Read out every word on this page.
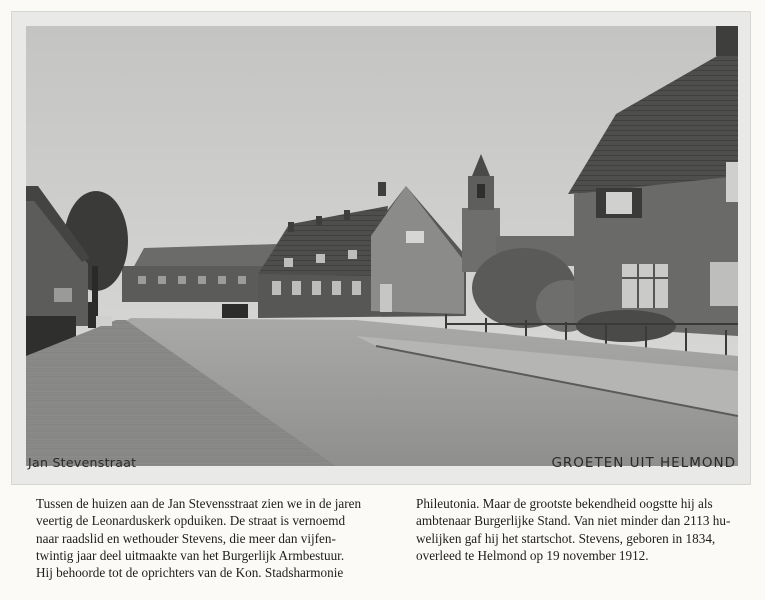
Jan Stevenstraat	GROETEN UIT HELMOND

Tussen de huizen aan de Jan Stevensstraat zien we in de jaren

veertig de Leonarduskerk opduiken. De straat is vernoemd

naar raadslid en wethouder Stevens, die meer dan vijfen-

twintig jaar deel uitmaakte van het Burgerlijk Armbestuur.

Hij behoorde tot de oprichters van de Kon. Stadsharmonie

Phileutonia. Maar de grootste bekendheid oogstte hij als

ambtenaar Burgerlijke Stand. Van niet minder dan 2113 hu-

welijken gaf hij het startschot. Stevens, geboren in 1834,

overleed te Helmond op 19 november 1912.
